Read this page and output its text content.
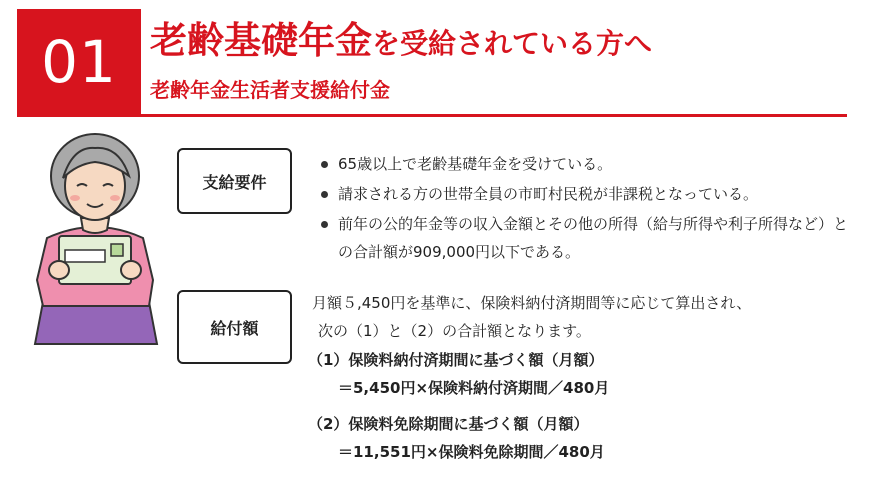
01 老齢基礎年金を受給されている方へ
老齢年金生活者支援給付金
支給要件
65歳以上で老齢基礎年金を受けている。
請求される方の世帯全員の市町村民税が非課税となっている。
前年の公的年金等の収入金額とその他の所得（給与所得や利子所得など）との合計額が909,000円以下である。
給付額
月額５,450円を基準に、保険料納付済期間等に応じて算出され、
次の（1）と（2）の合計額となります。
（1）保険料納付済期間に基づく額（月額）
＝5,450円×保険料納付済期間／480月
（2）保険料免除期間に基づく額（月額）
＝11,551円×保険料免除期間／480月
